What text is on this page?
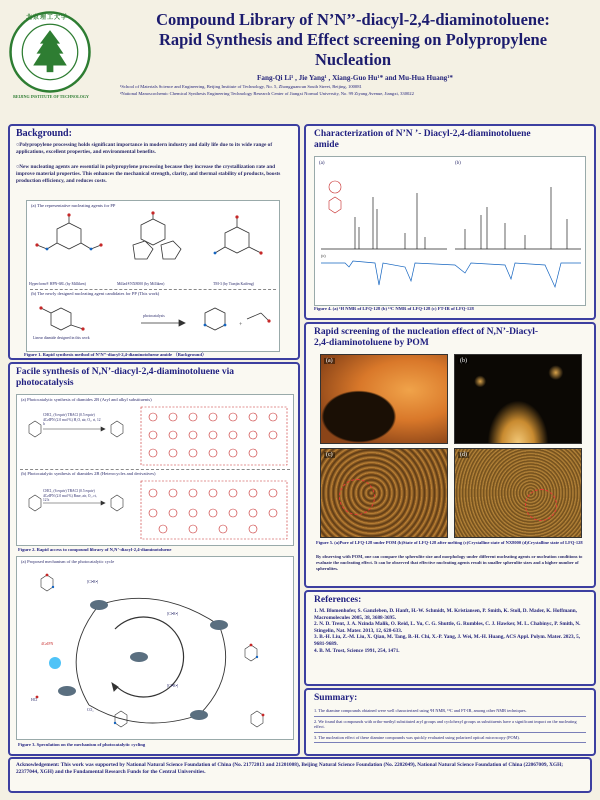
北京理工大学
BEIJING INSTITUTE OF TECHNOLOGY
Compound Library of N’N’’-diacyl-2,4-diaminotoluene:
Rapid Synthesis and Effect screening on Polypropylene
Nucleation
Fang-Qi Li¹ , Jie Yang¹ , Xiang-Guo Hu¹* and Mu-Hua Huang¹*
¹School of Materials Science and Engineering, Beijing Institute of Technology, No. 5, Zhongguancun South Street, Beijing, 100081
²National Manoscochemic Chemical Synthesis Engineering Technology Research Center of Jiangxi Normal University, No. 99 Ziyang Avenue, Jiangxi, 330022
Background:
○Polypropylene processing holds significant importance in modern industry and daily life due to its wide range of applications, excellent properties, and environmental benefits.
○New nucleating agents are essential in polypropylene processing because they increase the crystallization rate and improve material properties. This enhances the mechanical strength, clarity, and thermal stability of products, boosts production efficiency, and reduces costs.
(a) The representative nucleating agents for PP
Hyperform® HPN-68L (by Milliken)	Millad®NX8000 (by Milliken)	TM-3 (by Tianjin Kaifeng)
(b) The newly designed nucleating agent candidates for PP (This work)
+
photocatalysis
Linear diamide designed in this work
Figure 1. Rapid synthesis method of N’N’’-diacyl-2,4-diaminotoluene amide （Background）
Facile synthesis of N,N’-diacyl-2,4-diaminotoluene via
photocatalysis
(a) Photocatalytic synthesis of diamides 2B (Aryl and alkyl substituents)
CHCl₃ (6 equiv) TBACl (0.5 equiv) 4CzIPN (2.0 mol %) H₂O, air, O₂, rt, 12 h
(b) Photocatalytic synthesis of diamides 2B (Heterocycles and derivatives)
CHCl₃ (6 equiv) TBACl (0.5 equiv) 4CzIPN (2.0 mol %) Base, air, O₂, rt, 12 h
Figure 2. Rapid access to compound library of N,N’-diacyl-2,4-diaminotoluene
(a) Proposed mechanism of the photocatalytic cycle
[Cl•R•]
[Cl•R•]
[Cl•R•]
CO₂
HCl
4CzIPN
Figure 3. Speculation on the mechanism of photocatalytic cycling
Characterization of N’N ’- Diacyl-2,4-diaminotoluene
amide
(a)	(b)
(c)
Figure 4. (a) ¹H NMR of LFQ-128 (b) ¹³C NMR of LFQ-128 (c) FT-IR of LFQ-128
Rapid screening of the nucleation effect of N,N’-Diacyl-
2,4-diaminotoluene by POM
(a)	(b)
(c)	(d)
Figure 5. (a)Pure of LFQ-128 under POM (b)State of LFQ-128 after melting (c)Crystalline state of NX8000 (d)Crystalline state of LFQ-128
By observing with POM, one can compare the spherulite size and morphology under different nucleating agents or nucleation conditions to evaluate the nucleating effect. It can be observed that effective nucleating agents result in smaller spherulite sizes and a higher number of spherulites.
References:
1. M. Blomenhofer, S. Ganzleben, D. Hanft, H.-W. Schmidt, M. Kristiansen, P. Smith, K. Stoll, D. Mader, K. Hoffmann, Macromolecules 2005, 38, 3688-3695.
2. N. D. Trent, J. A. Nzinda Malik, O. Reid, L. Yu, C. G. Shuttle, G. Rumbles, C. J. Hawker, M. L. Chabinyc, P. Smith, N. Stingelin, Nat. Mater. 2013, 12, 628-633.
3. B.-H. Liu, Z.-M. Liu, X. Qian, M. Tang, B.-H. Chi, X.-P. Yang, J. Wei, M.-H. Huang, ACS Appl. Polym. Mater. 2023, 5, 9681-9689.
4. B. M. Trost, Science 1991, 254, 1471.
Summary:
1. The diamine compounds obtained were well characterized using ¹H NMR, ¹³C and FT-IR, among other NMR techniques.
2. We found that compounds with ortho-methyl substituted aryl groups and cyclohexyl groups as substituents have a significant impact on the nucleating effect.
3. The nucleation effect of these diamine compounds was quickly evaluated using polarized optical microscopy (POM).
Acknowledgement: This work was supported by National Natural Science Foundation of China (No. 21772013 and 21201008), Beijing Natural Science Foundation (No. 2202049), National Natural Science Foundation of China (22067009, XGH; 22377044, XGH) and the Fundamental Research Funds for the Central Universities.
